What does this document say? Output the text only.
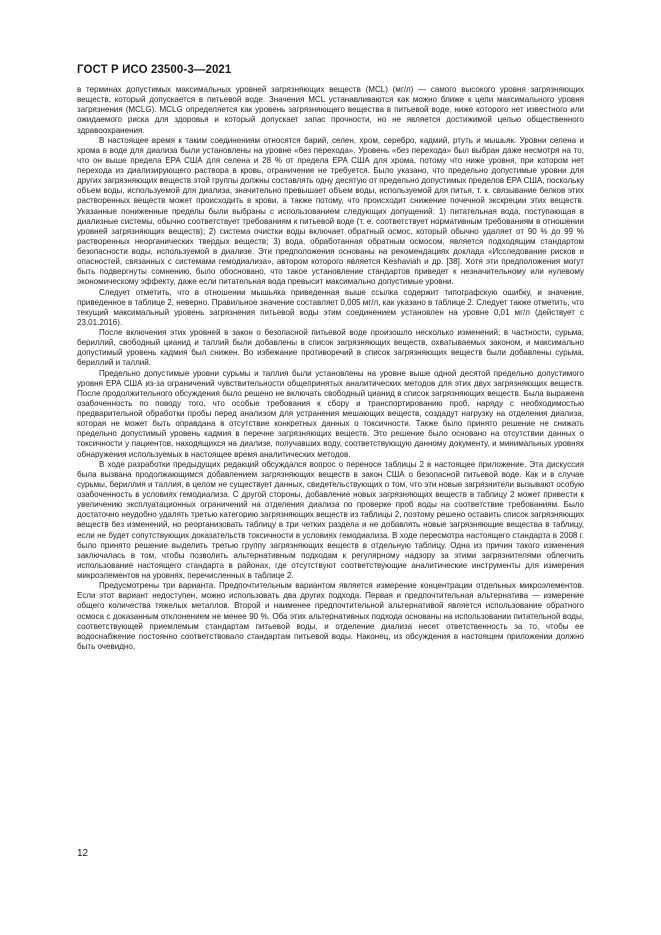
ГОСТ Р ИСО 23500-3—2021

в терминах допустимых максимальных уровней загрязняющих веществ (MCL) (мг/л) — самого высокого уровня загрязняющих веществ, который допускается в питьевой воде. Значения MCL устанавливаются как можно ближе к цели максимального уровня загрязнения (MCLG). MCLG определяется как уровень загрязняющего вещества в питьевой воде, ниже которого нет известного или ожидаемого риска для здоровья и который допускает запас прочности, но не является достижимой целью общественного здравоохранения.

В настоящее время к таким соединениям относятся барий, селен, хром, серебро, кадмий, ртуть и мышьяк. Уровни селена и хрома в воде для диализа были установлены на уровне «без перехода». Уровень «без перехода» был выбран даже несмотря на то, что он выше предела EPA США для селена и 28 % от предела EPA США для хрома, потому что ниже уровня, при котором нет перехода из диализирующего раствора в кровь, ограничение не требуется. Было указано, что предельно допустимые уровни для других загрязняющих веществ этой группы должны составлять одну десятую от предельно допустимых пределов EPA США, поскольку объем воды, используемой для диализа, значительно превышает объем воды, используемой для питья, т. к. связывание белков этих растворенных веществ может происходить в крови, а также потому, что происходит снижение почечной экскреции этих веществ. Указанные пониженные пределы были выбраны с использованием следующих допущений: 1) питательная вода, поступающая в диализные системы, обычно соответствует требованиям к питьевой воде (т. е. соответствует нормативным требованиям в отношении уровней загрязняющих веществ); 2) система очистки воды включает обратный осмос, который обычно удаляет от 90 % до 99 % растворенных неорганических твердых веществ; 3) вода, обработанная обратным осмосом, является подходящим стандартом безопасности воды, используемой в диализе. Эти предположения основаны на рекомендациях доклада «Исследование рисков и опасностей, связанных с системами гемодиализа», автором которого является Keshaviah и др. [38]. Хотя эти предположения могут быть подвергнуты сомнению, было обосновано, что такое установление стандартов приведет к незначительному или нулевому экономическому эффекту, даже если питательная вода превысит максимально допустимые уровни.

Следует отметить, что в отношении мышьяка приведенная выше ссылка содержит типографскую ошибку, и значение, приведенное в таблице 2, неверно. Правильное значение составляет 0,005 мг/л, как указано в таблице 2. Следует также отметить, что текущий максимальный уровень загрязнения питьевой воды этим соединением установлен на уровне 0,01 мг/л (действует с 23.01.2016).

После включения этих уровней в закон о безопасной питьевой воде произошло несколько изменений; в частности, сурьма, бериллий, свободный цианид и таллий были добавлены в список загрязняющих веществ, охватываемых законом, и максимально допустимый уровень кадмия был снижен. Во избежание противоречий в список загрязняющих веществ были добавлены сурьма, бериллий и таллий.

Предельно допустимые уровни сурьмы и таллия были установлены на уровне выше одной десятой предельно допустимого уровня EPA США из-за ограничений чувствительности общепринятых аналитических методов для этих двух загрязняющих веществ. После продолжительного обсуждения было решено не включать свободный цианид в список загрязняющих веществ. Была выражена озабоченность по поводу того, что особые требования к сбору и транспортированию проб, наряду с необходимостью предварительной обработки пробы перед анализом для устранения мешающих веществ, создадут нагрузку на отделения диализа, которая не может быть оправдана в отсутствие конкретных данных о токсичности. Также было принято решение не снижать предельно допустимый уровень кадмия в перечне загрязняющих веществ. Это решение было основано на отсутствии данных о токсичности у пациентов, находящихся на диализе, получавших воду, соответствующую данному документу, и минимальных уровнях обнаружения используемых в настоящее время аналитических методов.

В ходе разработки предыдущих редакций обсуждался вопрос о переносе таблицы 2 в настоящее приложение. Эта дискуссия была вызвана продолжающимся добавлением загрязняющих веществ в закон США о безопасной питьевой воде. Как и в случае сурьмы, бериллия и таллия, в целом не существует данных, свидетельствующих о том, что эти новые загрязнители вызывают особую озабоченность в условиях гемодиализа. С другой стороны, добавление новых загрязняющих веществ в таблицу 2 может привести к увеличению эксплуатационных ограничений на отделения диализа по проверке проб воды на соответствие требованиям. Было достаточно неудобно удалять третью категорию загрязняющих веществ из таблицы 2, поэтому решено оставить список загрязняющих веществ без изменений, но реорганизовать таблицу в три четких раздела и не добавлять новые загрязняющие вещества в таблицу, если не будет сопутствующих доказательств токсичности в условиях гемодиализа. В ходе пересмотра настоящего стандарта в 2008 г. было принято решение выделить третью группу загрязняющих веществ в отдельную таблицу. Одна из причин такого изменения заключалась в том, чтобы позволить альтернативным подходам к регулярному надзору за этими загрязнителями облегчить использование настоящего стандарта в районах, где отсутствуют соответствующие аналитические инструменты для измерения микроэлементов на уровнях, перечисленных в таблице 2.

Предусмотрены три варианта. Предпочтительным вариантом является измерение концентрации отдельных микроэлементов. Если этот вариант недоступен, можно использовать два других подхода. Первая и предпочтительная альтернатива — измерение общего количества тяжелых металлов. Второй и наименее предпочтительной альтернативой является использование обратного осмоса с доказанным отклонением не менее 90 %. Оба этих альтернативных подхода основаны на использовании питательной воды, соответствующей приемлемым стандартам питьевой воды, и отделение диализа несет ответственность за то, чтобы ее водоснабжение постоянно соответствовало стандартам питьевой воды. Наконец, из обсуждения в настоящем приложении должно быть очевидно,

12
